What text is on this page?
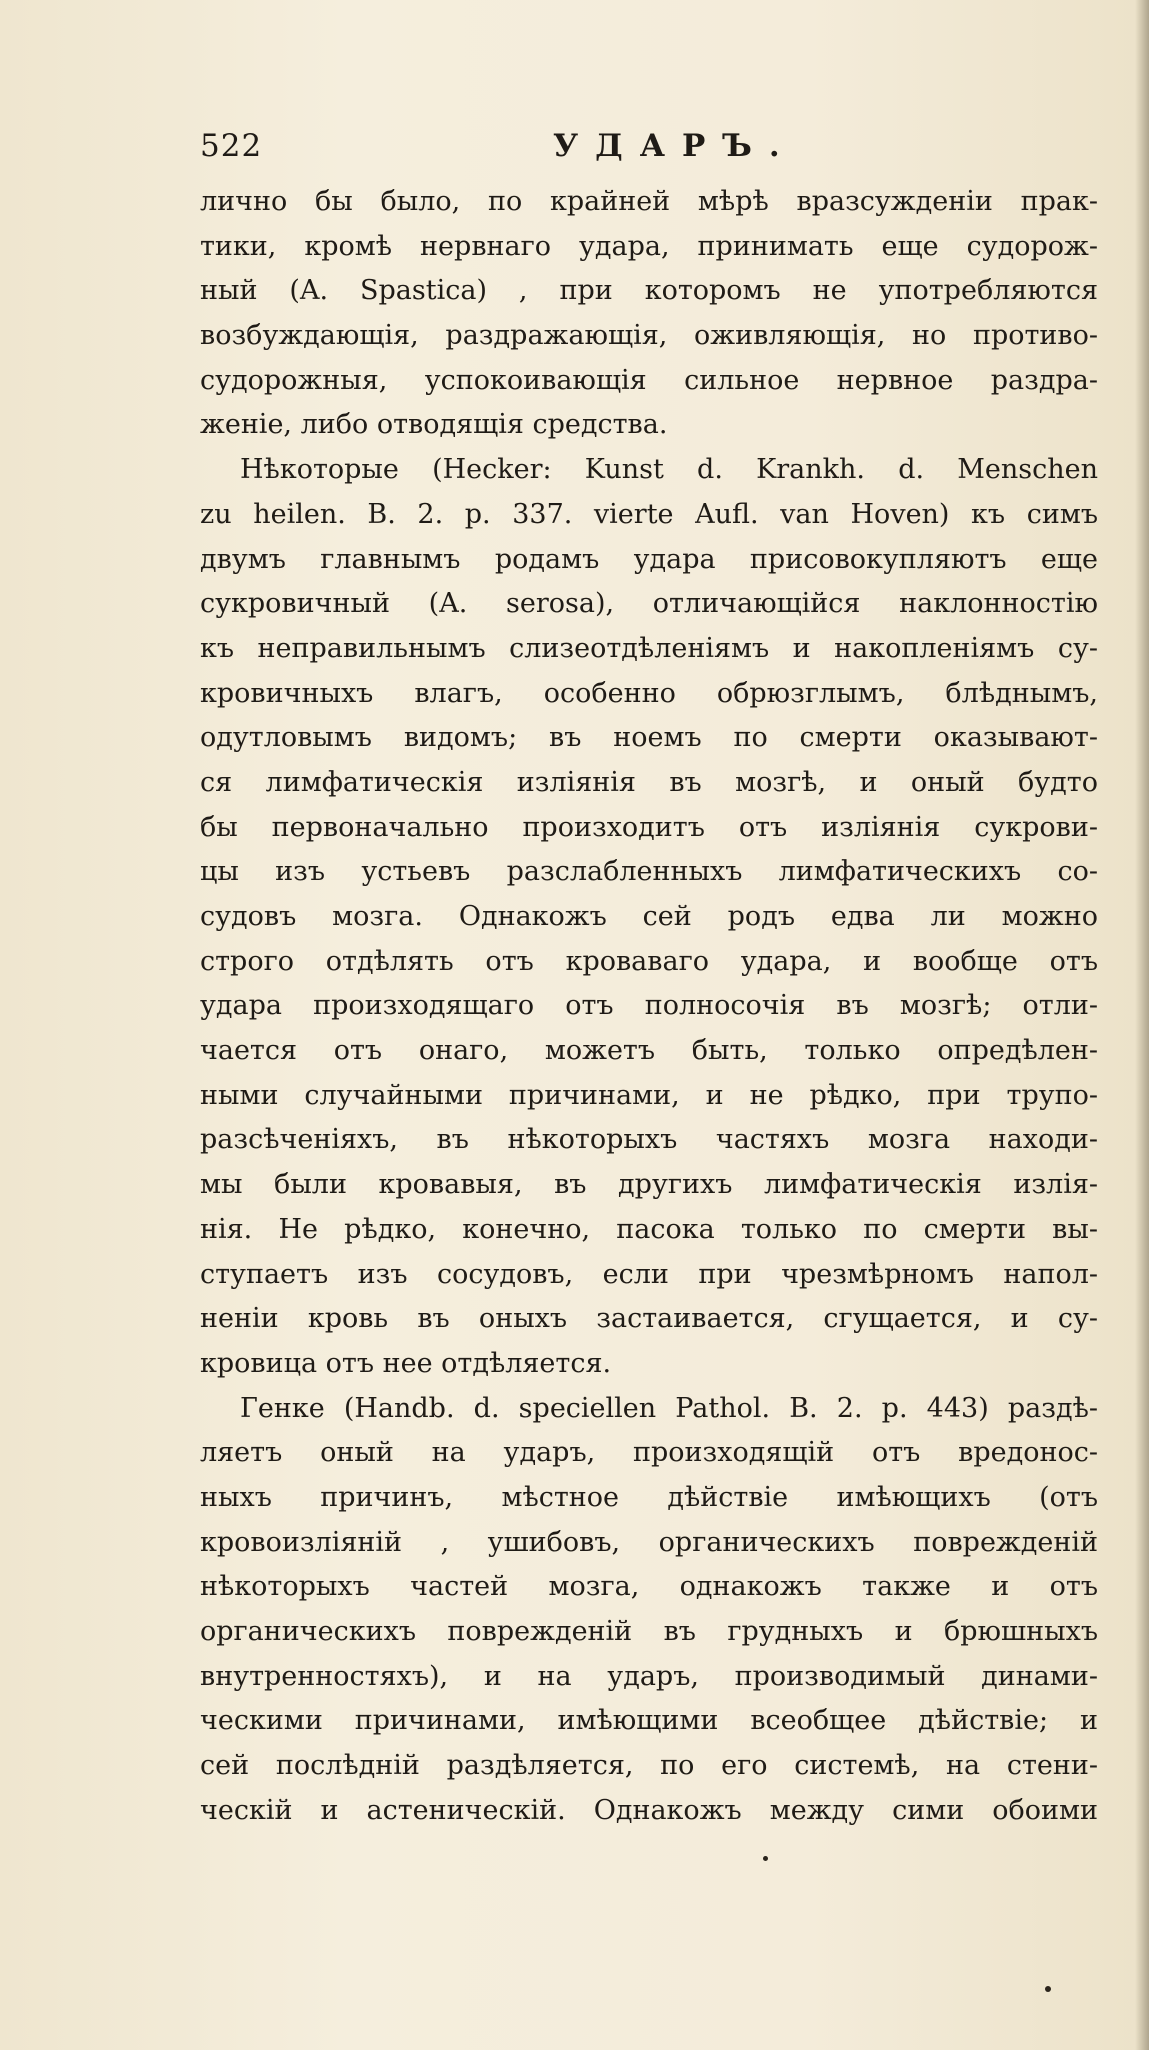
522	УДАРЪ.
лично бы было, по крайней мѣрѣ вразсужденiи прак-
тики, кромѣ нервнаго удара, принимать еще судорож-
ный (A. Spastica) , при которомъ не употребляются
возбуждающiя, раздражающiя, оживляющiя, но противо-
судорожныя, успокоивающiя сильное нервное раздра-
женiе, либо отводящiя средства.
Нѣкоторые (Hecker: Kunst d. Krankh. d. Menschen
zu heilen. B. 2. p. 337. vierte Aufl. van Hoven) къ симъ
двумъ главнымъ родамъ удара присовокупляютъ еще
сукровичный (A. serosa), отличающiйся наклонностiю
къ неправильнымъ слизеотдѣленiямъ и накопленiямъ су-
кровичныхъ влагъ, особенно обрюзглымъ, блѣднымъ,
одутловымъ видомъ; въ ноемъ по смерти оказывают-
ся лимфатическiя излiянiя въ мозгѣ, и оный будто
бы первоначально произходитъ отъ излiянiя сукрови-
цы изъ устьевъ разслабленныхъ лимфатическихъ со-
судовъ мозга. Однакожъ сей родъ едва ли можно
строго отдѣлять отъ кроваваго удара, и вообще отъ
удара произходящаго отъ полносочiя въ мозгѣ; отли-
чается отъ онаго, можетъ быть, только опредѣлен-
ными случайными причинами, и не рѣдко, при трупо-
разсѣченiяхъ, въ нѣкоторыхъ частяхъ мозга находи-
мы были кровавыя, въ другихъ лимфатическiя излiя-
нiя. Не рѣдко, конечно, пасока только по смерти вы-
ступаетъ изъ сосудовъ, если при чрезмѣрномъ напол-
ненiи кровь въ оныхъ застаивается, сгущается, и су-
кровица отъ нее отдѣляется.
Генке (Handb. d. speciellen Pathol. B. 2. p. 443) раздѣ-
ляетъ оный на ударъ, произходящiй отъ вредонос-
ныхъ причинъ, мѣстное дѣйствiе имѣющихъ (отъ
кровоизлiянiй , ушибовъ, органическихъ поврежденiй
нѣкоторыхъ частей мозга, однакожъ также и отъ
органическихъ поврежденiй въ грудныхъ и брюшныхъ
внутренностяхъ), и на ударъ, производимый динами-
ческими причинами, имѣющими всеобщее дѣйствiе; и
сей послѣднiй раздѣляется, по его системѣ, на стени-
ческiй и астеническiй. Однакожъ между сими обоими
